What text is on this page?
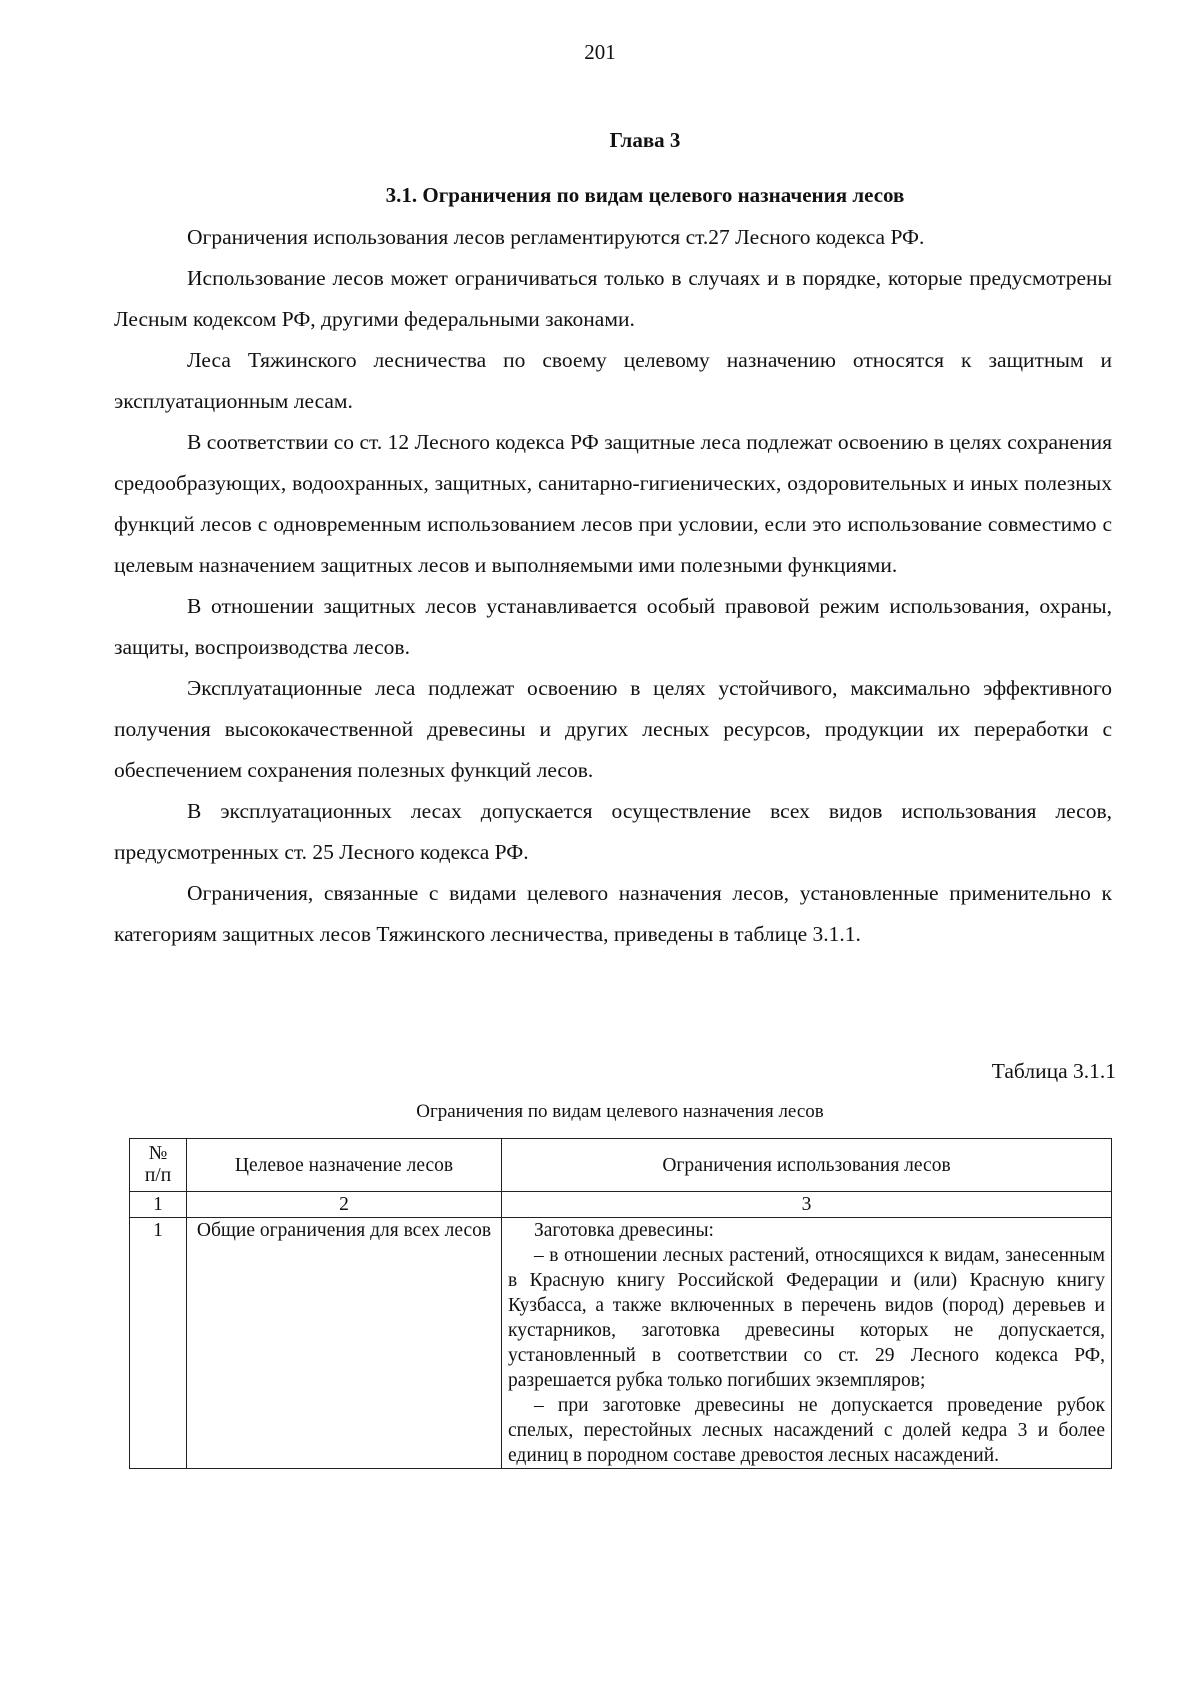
201
Глава 3
3.1. Ограничения по видам целевого назначения лесов

Ограничения использования лесов регламентируются ст.27 Лесного кодекса РФ.

Использование лесов может ограничиваться только в случаях и в порядке, которые предусмотрены Лесным кодексом РФ, другими федеральными законами.

Леса Тяжинского лесничества по своему целевому назначению относятся к защитным и эксплуатационным лесам.

В соответствии со ст. 12 Лесного кодекса РФ защитные леса подлежат освоению в целях сохранения средообразующих, водоохранных, защитных, санитарно-гигиенических, оздоровительных и иных полезных функций лесов с одновременным использованием лесов при условии, если это использование совместимо с целевым назначением защитных лесов и выполняемыми ими полезными функциями.

В отношении защитных лесов устанавливается особый правовой режим использования, охраны, защиты, воспроизводства лесов.

Эксплуатационные леса подлежат освоению в целях устойчивого, максимально эффективного получения высококачественной древесины и других лесных ресурсов, продукции их переработки с обеспечением сохранения полезных функций лесов.

В эксплуатационных лесах допускается осуществление всех видов использования лесов, предусмотренных ст. 25 Лесного кодекса РФ.

Ограничения, связанные с видами целевого назначения лесов, установленные применительно к категориям защитных лесов Тяжинского лесничества, приведены в таблице 3.1.1.

Таблица 3.1.1
Ограничения по видам целевого назначения лесов
№
п/п	Целевое назначение лесов	Ограничения использования лесов
1	2	3
1	Общие ограничения для всех лесов	Заготовка древесины:

– в отношении лесных растений, относящихся к видам, занесенным в Красную книгу Российской Федерации и (или) Красную книгу Кузбасса, а также включенных в перечень видов (пород) деревьев и кустарников, заготовка древесины которых не допускается, установленный в соответствии со ст. 29 Лесного кодекса РФ, разрешается рубка только погибших экземпляров;

– при заготовке древесины не допускается проведение рубок спелых, перестойных лесных насаждений с долей кедра 3 и более единиц в породном составе древостоя лесных насаждений.
